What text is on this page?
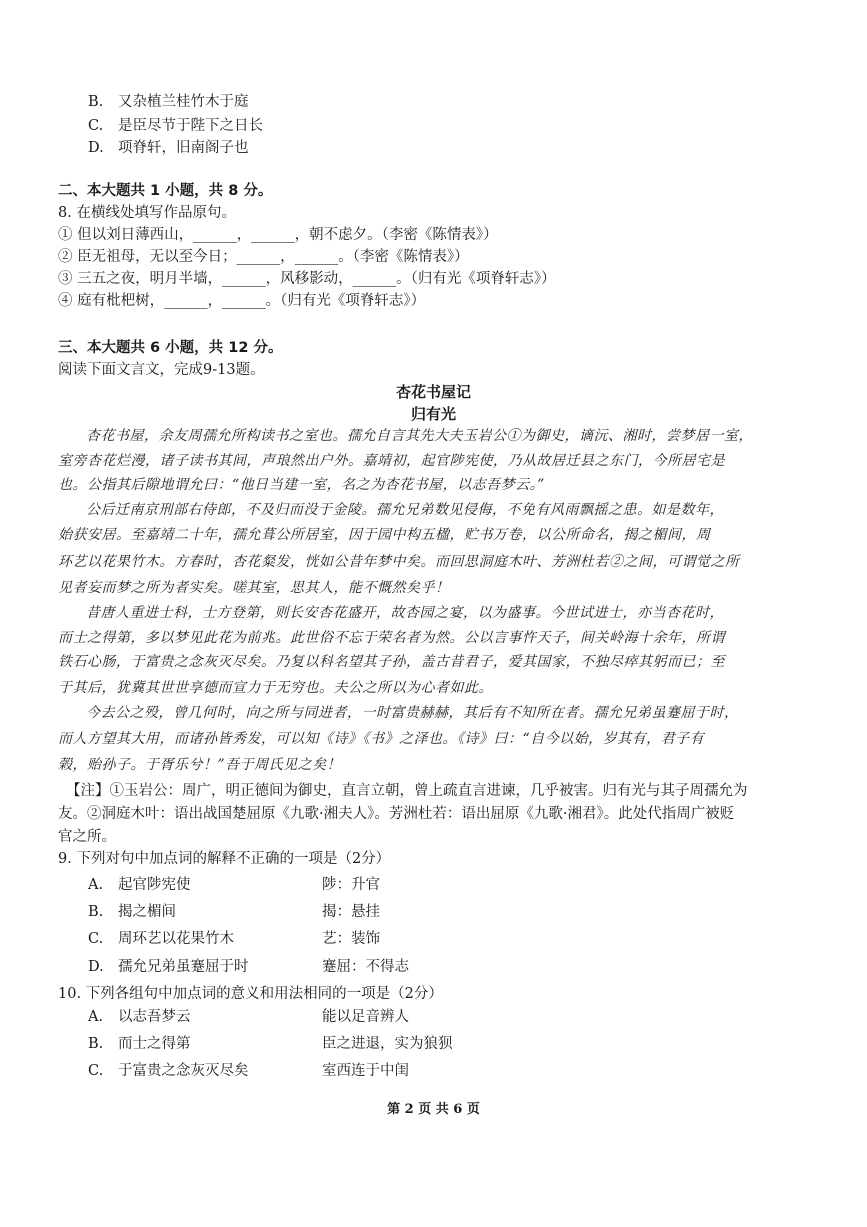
B. 又杂植兰桂竹木于庭
C. 是臣尽节于陛下之日长
D. 项脊轩，旧南阁子也
二、本大题共 1 小题，共 8 分。
8. 在横线处填写作品原句。
① 但以刘日薄西山，______，______，朝不虑夕。（李密《陈情表》）
② 臣无祖母，无以至今日；______，______。（李密《陈情表》）
③ 三五之夜，明月半墙，______，风移影动，______。（归有光《项脊轩志》）
④ 庭有枇杷树，______，______。（归有光《项脊轩志》）
三、本大题共 6 小题，共 12 分。
阅读下面文言文，完成9-13题。
杏花书屋记
归有光
杏花书屋，余友周孺允所构读书之室也。孺允自言其先大夫玉岩公①为御史，谪沅、湘时，尝梦居一室，
室旁杏花烂漫，诸子读书其间，声琅然出户外。嘉靖初，起官陟宪使，乃从故居迁县之东门，今所居宅是
也。公指其后隙地谓允曰：“他日当建一室，名之为杏花书屋，以志吾梦云。”
公后迁南京刑部右侍郎，不及归而没于金陵。孺允兄弟数见侵侮，不免有风雨飘摇之患。如是数年，
始获安居。至嘉靖二十年，孺允葺公所居室，因于园中构五楹，贮书万卷，以公所命名，揭之楣间，周
环艺以花果竹木。方春时，杏花粲发，恍如公昔年梦中矣。而回思洞庭木叶、芳洲杜若②之间，可谓觉之所
见者妄而梦之所为者实矣。嗟其室，思其人，能不慨然矣乎！
昔唐人重进士科，士方登第，则长安杏花盛开，故杏园之宴，以为盛事。今世试进士，亦当杏花时，
而士之得第，多以梦见此花为前兆。此世俗不忘于荣名者为然。公以言事忤天子，间关岭海十余年，所谓
铁石心肠，于富贵之念灰灭尽矣。乃复以科名望其子孙，盖古昔君子，爱其国家，不独尽瘁其躬而已；至
于其后，犹冀其世世享德而宣力于无穷也。夫公之所以为心者如此。
今去公之殁，曾几何时，向之所与同进者，一时富贵赫赫，其后有不知所在者。孺允兄弟虽蹇屈于时，
而人方望其大用，而诸孙皆秀发，可以知《诗》《书》之泽也。《诗》曰：“自今以始，岁其有，君子有
榖，贻孙子。于胥乐兮！”吾于周氏见之矣！
【注】①玉岩公：周广，明正德间为御史，直言立朝，曾上疏直言进谏，几乎被害。归有光与其子周孺允为
友。②洞庭木叶：语出战国楚屈原《九歌·湘夫人》。芳洲杜若：语出屈原《九歌·湘君》。此处代指周广被贬
官之所。
9. 下列对句中加点词的解释不正确的一项是（2分）
A. 起官陟宪使	陟：升官
B. 揭之楣间	揭：悬挂
C. 周环艺以花果竹木	艺：装饰
D. 孺允兄弟虽蹇屈于时	蹇屈：不得志
10. 下列各组句中加点词的意义和用法相同的一项是（2分）
A. 以志吾梦云	能以足音辨人
B. 而士之得第	臣之进退，实为狼狈
C. 于富贵之念灰灭尽矣	室西连于中闺
第 2 页 共 6 页
